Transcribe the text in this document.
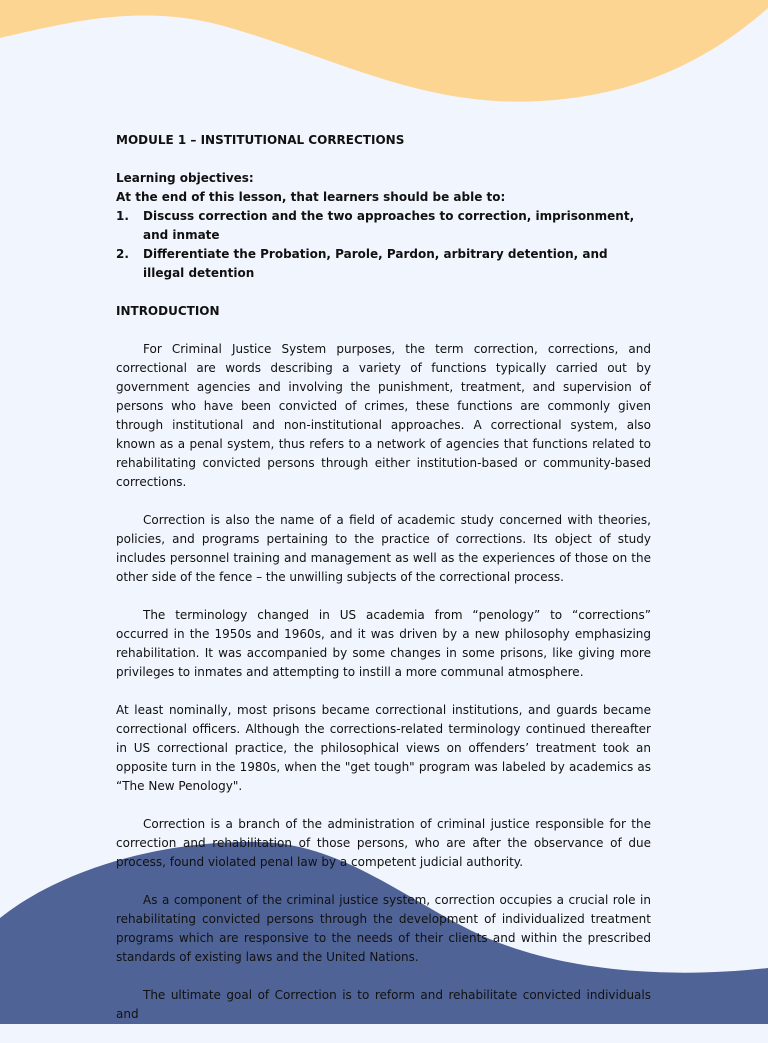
MODULE 1 – INSTITUTIONAL CORRECTIONS
Learning objectives:
At the end of this lesson, that learners should be able to:
1.	Discuss correction and the two approaches to correction, imprisonment, and inmate
2.	Differentiate the Probation, Parole, Pardon, arbitrary detention, and illegal detention
INTRODUCTION

For Criminal Justice System purposes, the term correction, corrections, and correctional are words describing a variety of functions typically carried out by government agencies and involving the punishment, treatment, and supervision of persons who have been convicted of crimes, these functions are commonly given through institutional and non-institutional approaches. A correctional system, also known as a penal system, thus refers to a network of agencies that functions related to rehabilitating convicted persons through either institution-based or community-based corrections.

Correction is also the name of a field of academic study concerned with theories, policies, and programs pertaining to the practice of corrections. Its object of study includes personnel training and management as well as the experiences of those on the other side of the fence – the unwilling subjects of the correctional process.

The terminology changed in US academia from “penology” to “corrections” occurred in the 1950s and 1960s, and it was driven by a new philosophy emphasizing rehabilitation. It was accompanied by some changes in some prisons, like giving more privileges to inmates and attempting to instill a more communal atmosphere.

At least nominally, most prisons became correctional institutions, and guards became correctional officers. Although the corrections-related terminology continued thereafter in US correctional practice, the philosophical views on offenders’ treatment took an opposite turn in the 1980s, when the "get tough" program was labeled by academics as “The New Penology".

Correction is a branch of the administration of criminal justice responsible for the correction and rehabilitation of those persons, who are after the observance of due process, found violated penal law by a competent judicial authority.

As a component of the criminal justice system, correction occupies a crucial role in rehabilitating convicted persons through the development of individualized treatment programs which are responsive to the needs of their clients and within the prescribed standards of existing laws and the United Nations.

The ultimate goal of Correction is to reform and rehabilitate convicted individuals and
